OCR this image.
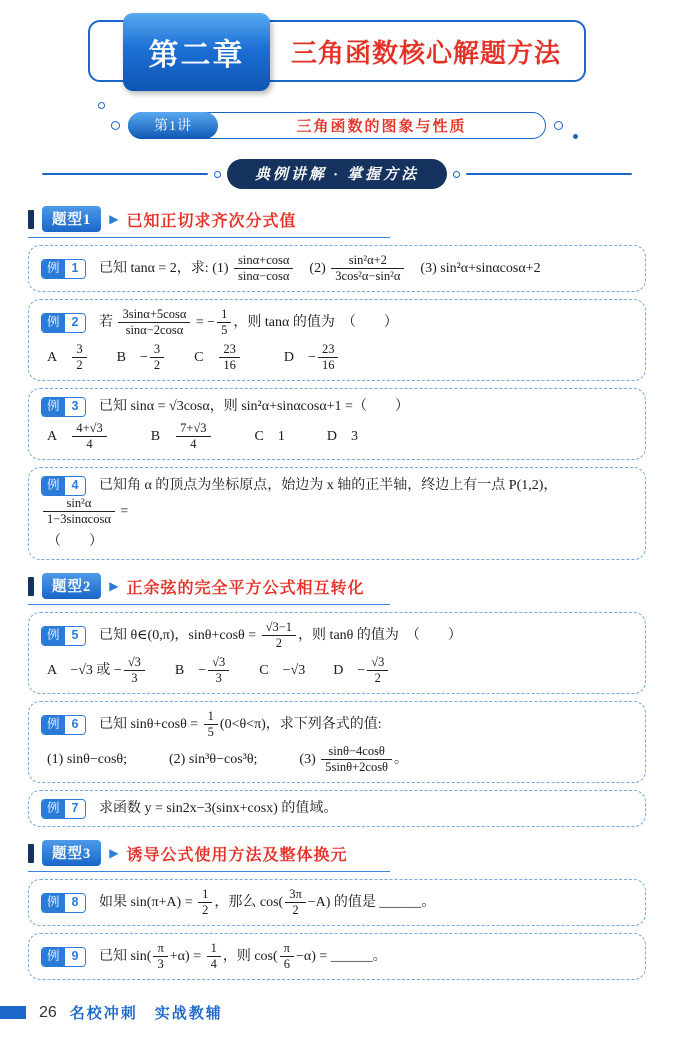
第二章	三角函数核心解题方法
第1讲	三角函数的图象与性质
典例讲解 · 掌握方法
题型1	▶ 已知正切求齐次分式值
例 1	已知 tanα = 2，求: $(1) \frac{\sin\alpha+\cos\alpha}{\sin\alpha-\cos\alpha}$ 　$(2) \frac{\text{sin²α+2}}{\text{3cos²α−sin²α}}$ 　(3) sin²α+sinαcosα+2
例 2	若 $\frac{3\sin\alpha+5\cos\alpha}{\sin\alpha-2\cos\alpha}$ = − $\frac{1}{5}$ ，则 tanα 的值为　（　　）
A　 $\frac{3}{2}$ 　　B　− $\frac{3}{2}$ 　　C　 $\frac{23}{16}$ 　　　D　− $\frac{23}{16}$
例 3	已知 sinα = √3cosα，则 sin²α+sinαcosα+1 =（　　）
A　 $\frac{4+√3}{4}$ 　　　B　 $\frac{7+√3}{4}$ 　　　C　1　　　D　3
例 4	已知角 α 的顶点为坐标原点，始边为 x 轴的正半轴，终边上有一点 P(1,2)，
$\frac{\text{sin²α}}{1-3\sin\alpha\cos\alpha}$ =
（　　）
题型2	▶ 正余弦的完全平方公式相互转化
例 5	已知 θ∈(0,π)，$\sin\theta+\cos\theta = \frac{√3-1}{2}$ ，则 tanθ 的值为　（　　）
A　−√3 或 − $\frac{√3}{3}$ 　　B　− $\frac{√3}{3}$ 　　C　−√3　　D　− $\frac{√3}{2}$
例 6	已知 $\sin\theta+\cos\theta = \frac{1}{5} (0<\theta<\pi)$，求下列各式的值:
(1) sinθ−cosθ;　　　(2) sin³θ−cos³θ;　　　$(3) \frac{\sin\theta-4\cos\theta}{5\sin\theta+2\cos\theta}$ 。
例 7	求函数 y = sin2x−3(sinx+cosx) 的值域。
题型3	▶ 诱导公式使用方法及整体换元
例 8	如果 $\sin(\pi+A) = \frac{1}{2}$ ，那么 $\cos( \frac{3\pi}{2} -A)$ 的值是 ______。
例 9	已知 $\sin( \frac{\pi}{3} +\alpha) = \frac{1}{4}$ ，则 $\cos( \frac{\pi}{6} -\alpha)$ = ______。
26 名校冲刺　实战教辅
